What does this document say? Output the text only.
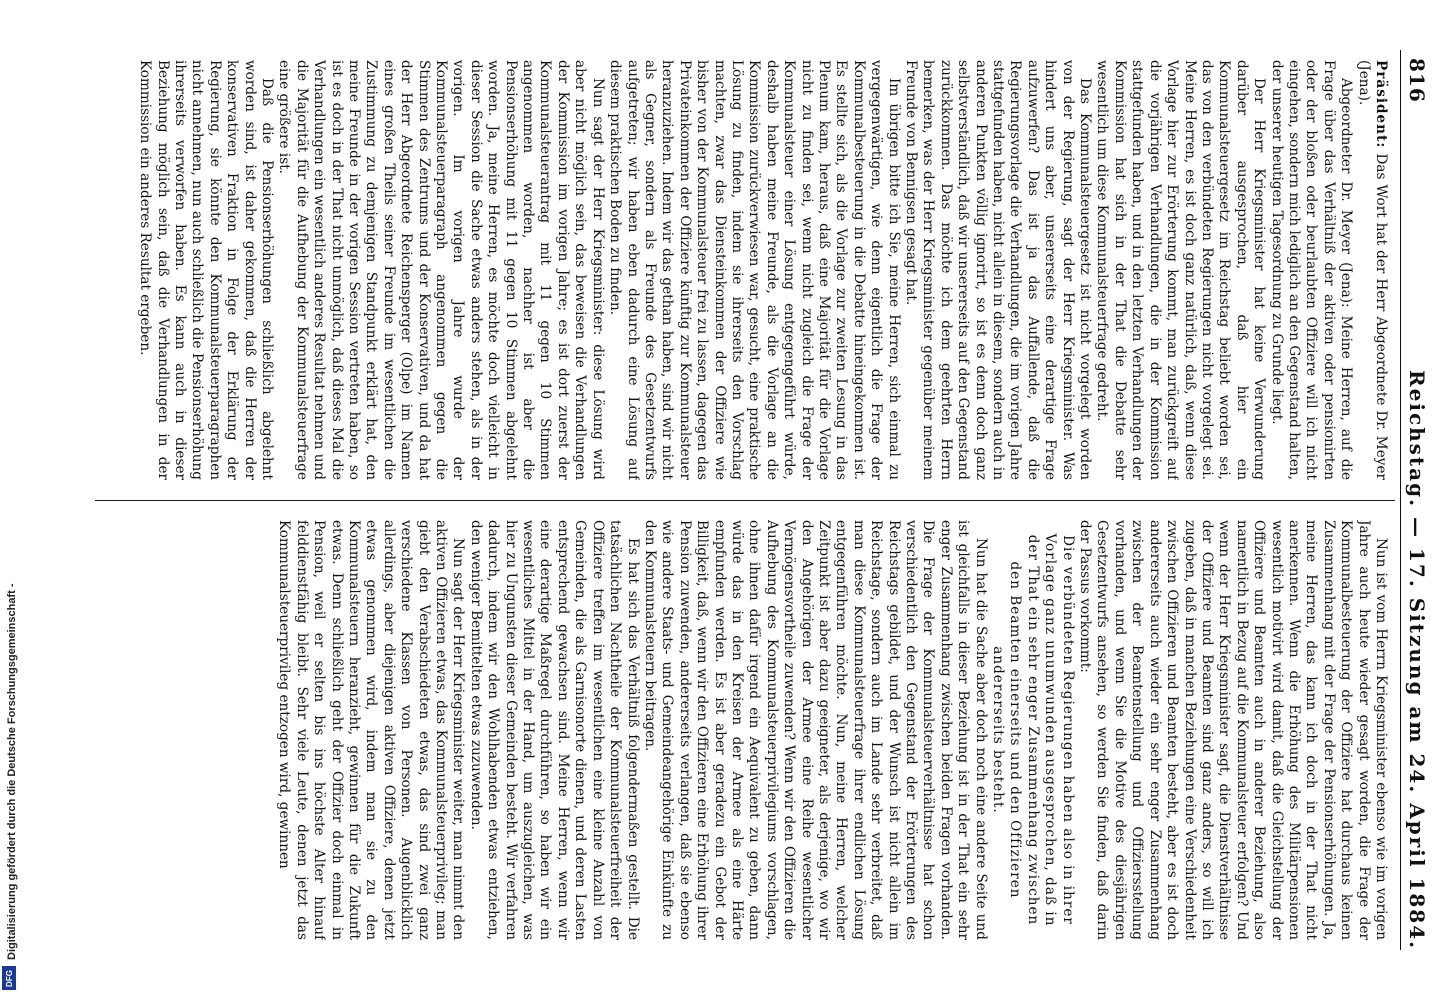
Digitalisierung gefördert durch die Deutsche Forschungsgemeinschaft -
DFG
816
Reichstag. — 17. Sitzung am 24. April 1884.

Präsident: Das Wort hat der Herr Abgeordnete Dr. Meyer (Jena).

Abgeordneter Dr. Meyer (Jena): Meine Herren, auf die Frage über das Verhältniß der aktiven oder pensionirten oder der bloßen oder beurlaubten Offiziere will ich nicht eingehen, sondern mich lediglich an den Gegenstand halten, der unserer heutigen Tagesordnung zu Grunde liegt.

Der Herr Kriegsminister hat keine Verwunderung darüber ausgesprochen, daß hier ein Kommunalsteuergesetz im Reichstag beliebt worden sei, das von den verbündeten Regierungen nicht vorgelegt sei. Meine Herren, es ist doch ganz natürlich, daß, wenn diese Vorlage hier zur Erörterung kommt, man zurückgreift auf die vorjährigen Verhandlungen, die in der Kommission stattgefunden haben, und in den letzten Verhandlungen der Kommission hat sich in der That die Debatte sehr wesentlich um diese Kommunalsteuerfrage gedreht.

Das Kommunalsteuergesetz ist nicht vorgelegt worden von der Regierung, sagt der Herr Kriegsminister. Was hindert uns aber, unsererseits eine derartige Frage aufzuwerfen? Das ist ja das Auffallende, daß die Regierungsvorlage die Verhandlungen, die im vorigen Jahre stattgefunden haben, nicht allein in diesem, sondern auch in anderen Punkten völlig ignorirt, so ist es denn doch ganz selbstverständlich, daß wir unsererseits auf den Gegenstand zurückkommen. Das möchte ich dem geehrten Herrn bemerken, was der Herr Kriegsminister gegenüber meinem Freunde von Bennigsen gesagt hat.

Im übrigen bitte ich Sie, meine Herren, sich einmal zu vergegenwärtigen, wie denn eigentlich die Frage der Kommunalbesteuerung in die Debatte hineingekommen ist. Es stellte sich, als die Vorlage zur zweiten Lesung in das Plenum kam, heraus, daß eine Majorität für die Vorlage nicht zu finden sei, wenn nicht zugleich die Frage der Kommunalsteuer einer Lösung entgegengeführt würde, deshalb haben meine Freunde, als die Vorlage an die Kommission zurückverwiesen war, gesucht, eine praktische Lösung zu finden, indem sie ihrerseits den Vorschlag machten, zwar das Diensteinkommen der Offiziere wie bisher von der Kommunalsteuer frei zu lassen, dagegen das Privateinkommen der Offiziere künftig zur Kommunalsteuer heranzuziehen. Indem wir das gethan haben, sind wir nicht als Gegner, sondern als Freunde des Gesetzentwurfs aufgetreten; wir haben eben dadurch eine Lösung auf diesem praktischen Boden zu finden.

Nun sagt der Herr Kriegsminister: diese Lösung wird aber nicht möglich sein, das beweisen die Verhandlungen der Kommission im vorigen Jahre; es ist dort zuerst der Kommunalsteuerantrag mit 11 gegen 10 Stimmen angenommen worden, nachher ist aber die Pensionserhöhung mit 11 gegen 10 Stimmen abgelehnt worden. Ja, meine Herren, es möchte doch vielleicht in dieser Session die Sache etwas anders stehen, als in der vorigen. Im vorigen Jahre wurde der Kommunalsteuerparagraph angenommen gegen die Stimmen des Zentrums und der Konservativen, und da hat der Herr Abgeordnete Reichensperger (Olpe) im Namen eines großen Theils seiner Freunde im wesentlichen die Zustimmung zu demjenigen Standpunkt erklärt hat, den meine Freunde in der vorigen Session vertreten haben, so ist es doch in der That nicht unmöglich, daß dieses Mal die Verhandlungen ein wesentlich anderes Resultat nehmen und die Majorität für die Aufhebung der Kommunalsteuerfrage eine größere ist.

Daß die Pensionserhöhungen schließlich abgelehnt worden sind, ist daher gekommen, daß die Herren der konservativen Fraktion in Folge der Erklärung der Regierung, sie könnte den Kommunalsteuerparagraphen nicht annehmen, nun auch schließlich die Pensionserhöhung ihrerseits verworfen haben. Es kann auch in dieser Beziehung möglich sein, daß die Verhandlungen in der Kommission ein anderes Resultat ergeben.

Nun ist vom Herrn Kriegsminister ebenso wie im vorigen Jahre auch heute wieder gesagt worden, die Frage der Kommunalbesteuerung der Offiziere hat durchaus keinen Zusammenhang mit der Frage der Pensionserhöhungen. Ja, meine Herren, das kann ich doch in der That nicht anerkennen. Wenn die Erhöhung des Militärpensionen wesentlich motivirt wird damit, daß die Gleichstellung der Offiziere und Beamten auch in anderer Beziehung, also namentlich in Bezug auf die Kommunalsteuer erfolgen? Und wenn der Herr Kriegsminister sagt, die Dienstverhältnisse der Offiziere und Beamten sind ganz anders, so will ich zugeben, daß in manchen Beziehungen eine Verschiedenheit zwischen Offizieren und Beamten besteht, aber es ist doch andererseits auch wieder ein sehr enger Zusammenhang zwischen der Beamtenstellung und Offiziersstellung vorhanden, und wenn Sie die Motive des diesjährigen Gesetzentwurfs ansehen, so werden Sie finden, daß darin der Passus vorkommt:

Die verbündeten Regierungen haben also in ihrer Vorlage ganz unumwunden ausgesprochen, daß in der That ein sehr enger Zusammenhang zwischen den Beamten einerseits und den Offizieren andererseits besteht.

Nun hat die Sache aber doch noch eine andere Seite und ist gleichfalls in dieser Beziehung ist in der That ein sehr enger Zusammenhang zwischen beiden Fragen vorhanden. Die Frage der Kommunalsteuerverhältnisse hat schon verschiedentlich den Gegenstand der Erörterungen des Reichstags gebildet, und der Wunsch ist nicht allein im Reichstage, sondern auch im Lande sehr verbreitet, daß man diese Kommunalsteuerfrage ihrer endlichen Lösung entgegenführen möchte. Nun, meine Herren, welcher Zeitpunkt ist aber dazu geeigneter, als derjenige, wo wir den Angehörigen der Armee eine Reihe wesentlicher Vermögensvortheile zuwenden? Wenn wir den Offizieren die Aufhebung des Kommunalsteuerprivilegiums vorschlagen, ohne ihnen dafür irgend ein Aequivalent zu geben, dann würde das in den Kreisen der Armee als eine Härte empfunden werden. Es ist aber geradezu ein Gebot der Billigkeit, daß, wenn wir den Offizieren eine Erhöhung ihrer Pension zuwenden, andererseits verlangen, daß sie ebenso wie andere Staats- und Gemeindeangehörige Einkünfte zu den Kommunalsteuern beitragen.

Es hat sich das Verhältniß folgendermaßen gestellt. Die tatsächlichen Nachtheile der Kommunalsteuerfreiheit der Offiziere treffen im wesentlichen eine kleine Anzahl von Gemeinden, die als Garnisonorte dienen, und deren Lasten entsprechend gewachsen sind. Meine Herren, wenn wir eine derartige Maßregel durchführen, so haben wir ein wesentliches Mittel in der Hand, um auszugleichen, was hier zu Ungunsten dieser Gemeinden besteht. Wir verfahren dadurch, indem wir den Wohlhabenden etwas entziehen, den weniger Bemittelten etwas zuzuwenden.

Nun sagt der Herr Kriegsminister weiter, man nimmt den aktiven Offizieren etwas, das Kommunalsteuerprivileg; man giebt den Verabschiedeten etwas, das sind zwei ganz verschiedene Klassen von Personen. Augenblicklich allerdings, aber diejenigen aktiven Offiziere, denen jetzt etwas genommen wird, indem man sie zu den Kommunalsteuern heranzieht, gewinnen für die Zukunft etwas. Denn schließlich geht der Offizier doch einmal in Pension, weil er selten bis ins höchste Alter hinauf felddienstfähig bleibt. Sehr viele Leute, denen jetzt das Kommunalsteuerprivileg entzogen wird, gewinnen
